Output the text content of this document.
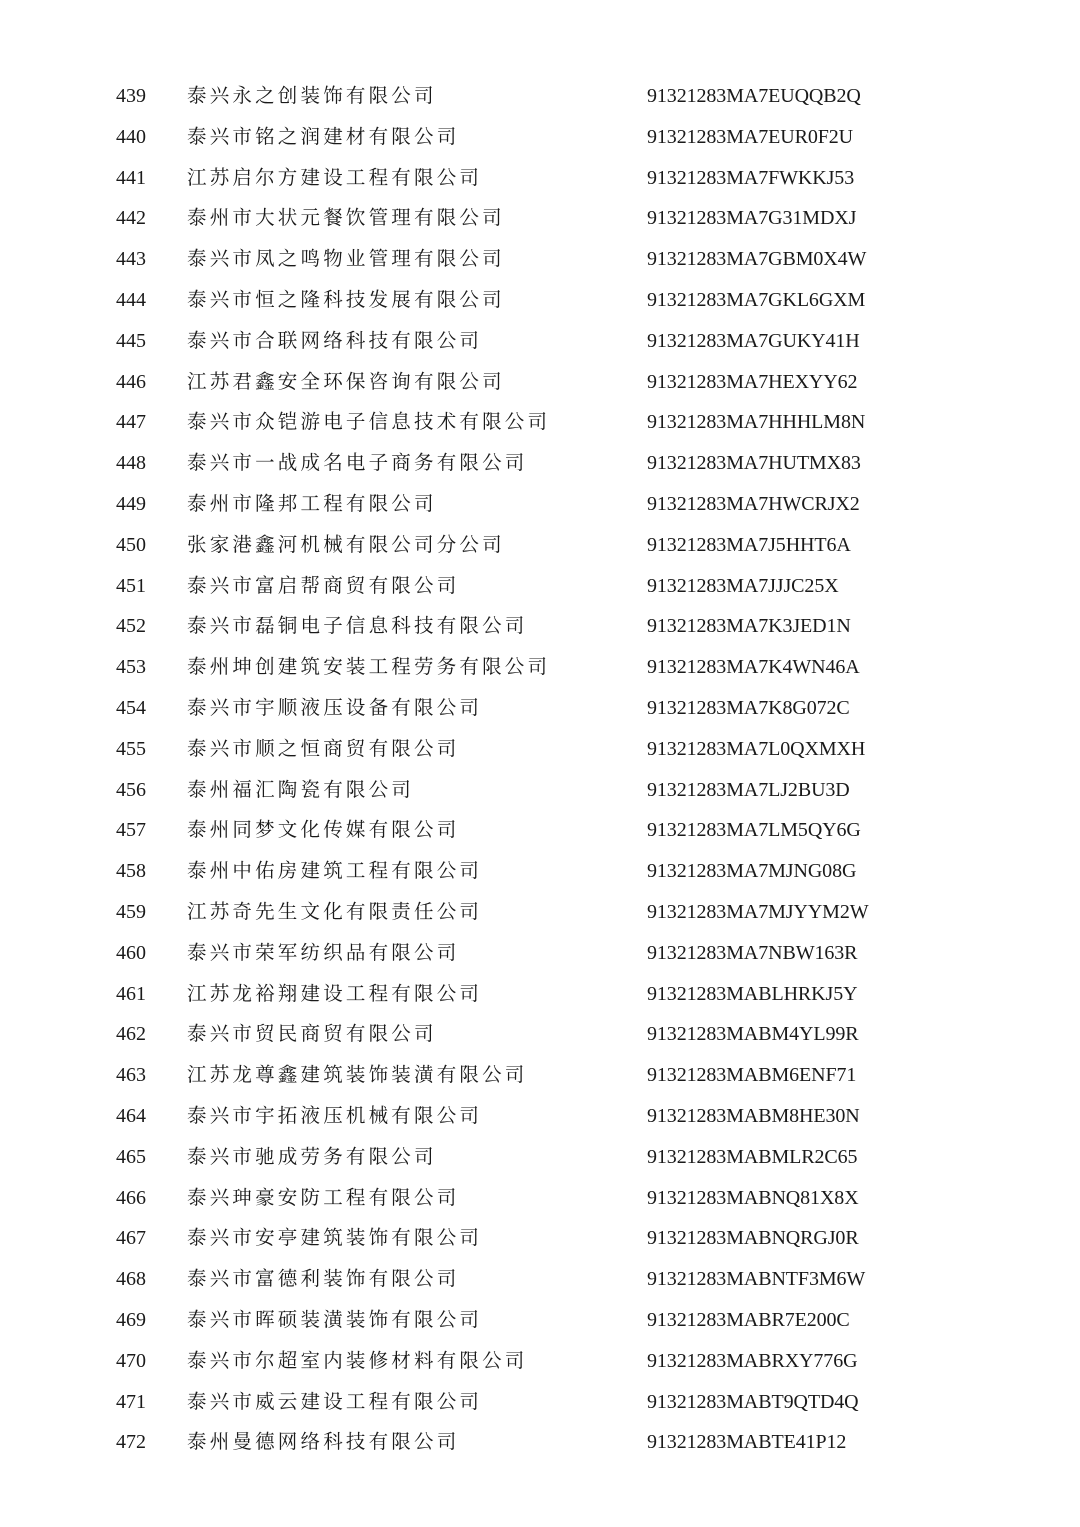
439	泰兴永之创装饰有限公司	91321283MA7EUQQB2Q
440	泰兴市铭之润建材有限公司	91321283MA7EUR0F2U
441	江苏启尔方建设工程有限公司	91321283MA7FWKKJ53
442	泰州市大状元餐饮管理有限公司	91321283MA7G31MDXJ
443	泰兴市凤之鸣物业管理有限公司	91321283MA7GBM0X4W
444	泰兴市恒之隆科技发展有限公司	91321283MA7GKL6GXM
445	泰兴市合联网络科技有限公司	91321283MA7GUKY41H
446	江苏君鑫安全环保咨询有限公司	91321283MA7HEXYY62
447	泰兴市众铠游电子信息技术有限公司	91321283MA7HHHLM8N
448	泰兴市一战成名电子商务有限公司	91321283MA7HUTMX83
449	泰州市隆邦工程有限公司	91321283MA7HWCRJX2
450	张家港鑫河机械有限公司分公司	91321283MA7J5HHT6A
451	泰兴市富启帮商贸有限公司	91321283MA7JJJC25X
452	泰兴市磊铜电子信息科技有限公司	91321283MA7K3JED1N
453	泰州坤创建筑安装工程劳务有限公司	91321283MA7K4WN46A
454	泰兴市宇顺液压设备有限公司	91321283MA7K8G072C
455	泰兴市顺之恒商贸有限公司	91321283MA7L0QXMXH
456	泰州福汇陶瓷有限公司	91321283MA7LJ2BU3D
457	泰州同梦文化传媒有限公司	91321283MA7LM5QY6G
458	泰州中佑房建筑工程有限公司	91321283MA7MJNG08G
459	江苏奇先生文化有限责任公司	91321283MA7MJYYM2W
460	泰兴市荣军纺织品有限公司	91321283MA7NBW163R
461	江苏龙裕翔建设工程有限公司	91321283MABLHRKJ5Y
462	泰兴市贸民商贸有限公司	91321283MABM4YL99R
463	江苏龙尊鑫建筑装饰装潢有限公司	91321283MABM6ENF71
464	泰兴市宇拓液压机械有限公司	91321283MABM8HE30N
465	泰兴市驰成劳务有限公司	91321283MABMLR2C65
466	泰兴珅豪安防工程有限公司	91321283MABNQ81X8X
467	泰兴市安亭建筑装饰有限公司	91321283MABNQRGJ0R
468	泰兴市富德利装饰有限公司	91321283MABNTF3M6W
469	泰兴市晖硕装潢装饰有限公司	91321283MABR7E200C
470	泰兴市尔超室内装修材料有限公司	91321283MABRXY776G
471	泰兴市威云建设工程有限公司	91321283MABT9QTD4Q
472	泰州曼德网络科技有限公司	91321283MABTE41P12
